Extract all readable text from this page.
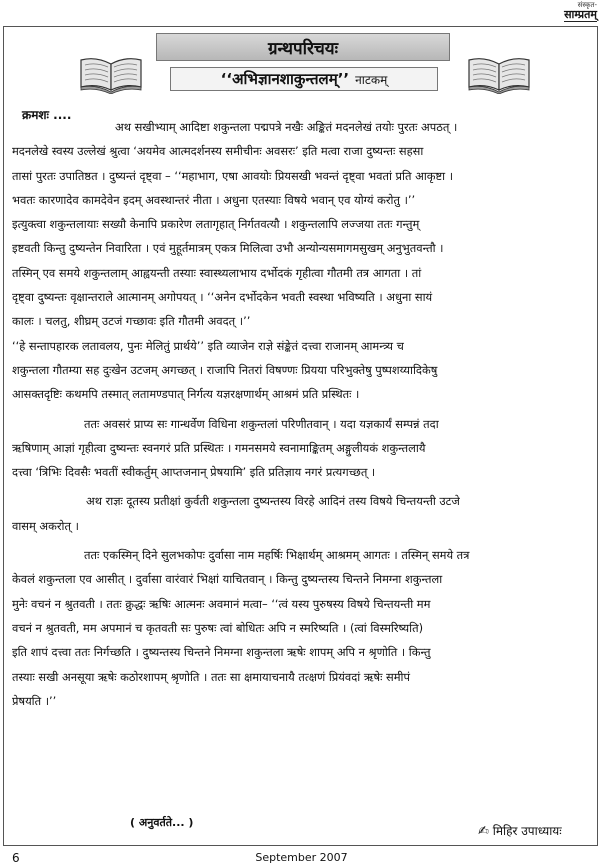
संस्कृत-
साम्प्रतम्
ग्रन्थपरिचयः
‘‘अभिज्ञानशाकुन्तलम्’’ नाटकम्
क्रमशः ....
अथ सखीभ्याम् आदिष्टा शकुन्तला पद्मपत्रे नखैः अङ्कितं मदनलेखं तयोः पुरतः अपठत् ।
मदनलेखे स्वस्य उल्लेखं श्रुत्वा ‘अयमेव आत्मदर्शनस्य समीचीनः अवसरः’ इति मत्वा राजा दुष्यन्तः सहसा
तासां पुरतः उपातिष्ठत । दुष्यन्तं दृष्ट्वा – ‘‘महाभाग, एषा आवयोः प्रियसखी भवन्तं दृष्ट्वा भवतां प्रति आकृष्टा ।
भवतः कारणादेव कामदेवेन इदम् अवस्थान्तरं नीता । अधुना एतस्याः विषये भवान् एव योग्यं करोतु ।’’
इत्युक्त्वा शकुन्तलायाः सख्यौ केनापि प्रकारेण लतागृहात् निर्गतवत्यौ । शकुन्तलापि लज्जया ततः गन्तुम्
इष्टवती किन्तु दुष्यन्तेन निवारिता । एवं मुहूर्तमात्रम् एकत्र मिलित्वा उभौ अन्योन्यसमागमसुखम् अनुभुतवन्तौ ।
तस्मिन् एव समये शकुन्तलाम् आह्वयन्ती तस्याः स्वास्थ्यलाभाय दर्भोदकं गृहीत्वा गौतमी तत्र आगता । तां
दृष्ट्वा दुष्यन्तः वृक्षान्तराले आत्मानम् अगोपयत् । ‘‘अनेन दर्भोदकेन भवती स्वस्था भविष्यति । अधुना सायं
कालः । चलतु, शीघ्रम् उटजं गच्छावः इति गौतमी अवदत् ।’’
‘‘हे सन्तापहारक लतावलय, पुनः मेलितुं प्रार्थये’’ इति व्याजेन राज्ञे संङ्केतं दत्त्वा राजानम् आमन्त्र्य च
शकुन्तला गौतम्या सह दुःखेन उटजम् अगच्छत् । राजापि नितरां विषण्णः प्रियया परिभुक्तेषु पुष्पशय्यादिकेषु
आसक्तदृष्टिः कथमपि तस्मात् लतामण्डपात् निर्गत्य यज्ञरक्षणार्थम् आश्रमं प्रति प्रस्थितः ।
ततः अवसरं प्राप्य सः गान्धर्वेण विधिना शकुन्तलां परिणीतवान् । यदा यज्ञकार्यं सम्पन्नं तदा
ऋषिणाम् आज्ञां गृहीत्वा दुष्यन्तः स्वनगरं प्रति प्रस्थितः । गमनसमये स्वनामाङ्कितम् अङ्गुलीयकं शकुन्तलायै
दत्त्वा ‘त्रिभिः दिवसैः भवतीं स्वीकर्तुम् आप्तजनान् प्रेषयामि’ इति प्रतिज्ञाय नगरं प्रत्यगच्छत् ।
अथ राज्ञः दूतस्य प्रतीक्षां कुर्वती शकुन्तला दुष्यन्तस्य विरहे आदिनं तस्य विषये चिन्तयन्ती उटजे
वासम् अकरोत् ।
ततः एकस्मिन् दिने सुलभकोपः दुर्वासा नाम महर्षिः भिक्षार्थम् आश्रमम् आगतः । तस्मिन् समये तत्र
केवलं शकुन्तला एव आसीत् । दुर्वासा वारंवारं भिक्षां याचितवान् । किन्तु दुष्यन्तस्य चिन्तने निमग्ना शकुन्तला
मुनेः वचनं न श्रुतवती । ततः क्रुद्धः ऋषिः आत्मनः अवमानं मत्वा– ‘‘त्वं यस्य पुरुषस्य विषये चिन्तयन्ती मम
वचनं न श्रुतवती, मम अपमानं च कृतवती सः पुरुषः त्वां बोधितः अपि न स्मरिष्यति । (त्वां विस्मरिष्यति)
इति शापं दत्त्वा ततः निर्गच्छति । दुष्यन्तस्य चिन्तने निमग्ना शकुन्तला ऋषेः शापम् अपि न श्रृणोति । किन्तु
तस्याः सखी अनसूया ऋषेः कठोरशापम् श्रृणोति । ततः सा क्षमायाचनायै तत्क्षणं प्रियंवदां ऋषेः समीपं
प्रेषयति ।’’
( अनुवर्तते... )
✍ मिहिर उपाध्यायः
6	September 2007
